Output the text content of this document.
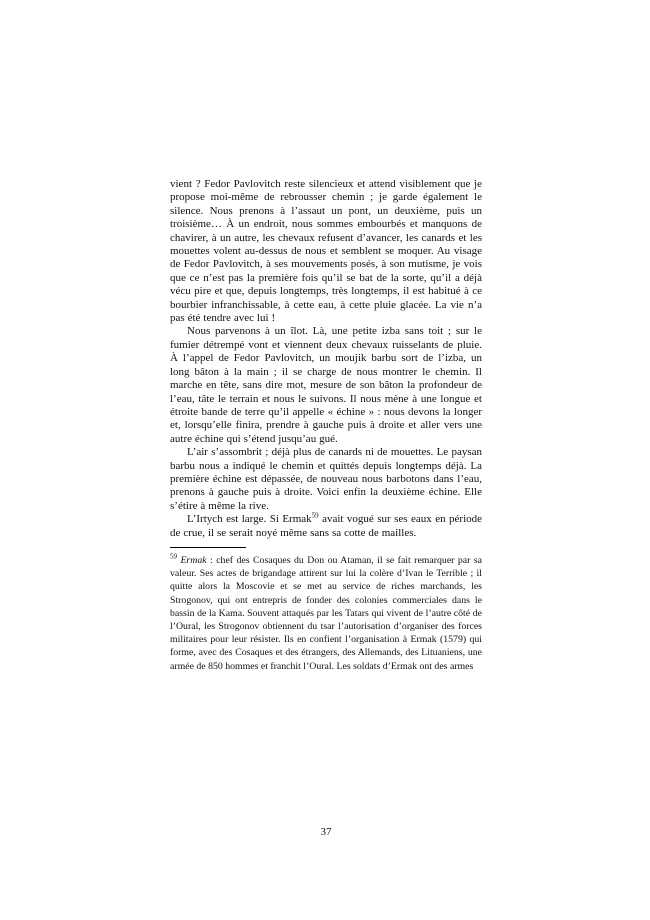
vient ? Fedor Pavlovitch reste silencieux et attend visiblement que je propose moi-même de rebrousser chemin ; je garde également le silence. Nous prenons à l’assaut un pont, un deuxième, puis un troisième… À un endroit, nous sommes embourbés et manquons de chavirer, à un autre, les chevaux refusent d’avancer, les canards et les mouettes volent au-dessus de nous et semblent se moquer. Au visage de Fedor Pavlovitch, à ses mouvements posés, à son mutisme, je vois que ce n’est pas la première fois qu’il se bat de la sorte, qu’il a déjà vécu pire et que, depuis longtemps, très longtemps, il est habitué à ce bourbier infranchissable, à cette eau, à cette pluie glacée. La vie n’a pas été tendre avec lui !

Nous parvenons à un îlot. Là, une petite izba sans toit ; sur le fumier détrempé vont et viennent deux chevaux ruisselants de pluie. À l’appel de Fedor Pavlovitch, un moujik barbu sort de l’izba, un long bâton à la main ; il se charge de nous montrer le chemin. Il marche en tête, sans dire mot, mesure de son bâton la profondeur de l’eau, tâte le terrain et nous le suivons. Il nous mène à une longue et étroite bande de terre qu’il appelle « échine » : nous devons la longer et, lorsqu’elle finira, prendre à gauche puis à droite et aller vers une autre échine qui s’étend jusqu’au gué.

L’air s’assombrit ; déjà plus de canards ni de mouettes. Le paysan barbu nous a indiqué le chemin et quittés depuis longtemps déjà. La première échine est dépassée, de nouveau nous barbotons dans l’eau, prenons à gauche puis à droite. Voici enfin la deuxième échine. Elle s’étire à même la rive.

L’Irtych est large. Si Ermak$^{59}$ avait vogué sur ses eaux en période de crue, il se serait noyé même sans sa cotte de mailles.

$^{59}$ Ermak : chef des Cosaques du Don ou Ataman, il se fait remarquer par sa valeur. Ses actes de brigandage attirent sur lui la colère d’Ivan le Terrible ; il quitte alors la Moscovie et se met au service de riches marchands, les Strogonov, qui ont entrepris de fonder des colonies commerciales dans le bassin de la Kama. Souvent attaqués par les Tatars qui vivent de l’autre côté de l’Oural, les Strogonov obtiennent du tsar l’autorisation d’organiser des forces militaires pour leur résister. Ils en confient l’organisation à Ermak (1579) qui forme, avec des Cosaques et des étrangers, des Allemands, des Lituaniens, une armée de 850 hommes et franchit l’Oural. Les soldats d’Ermak ont des armes

37
